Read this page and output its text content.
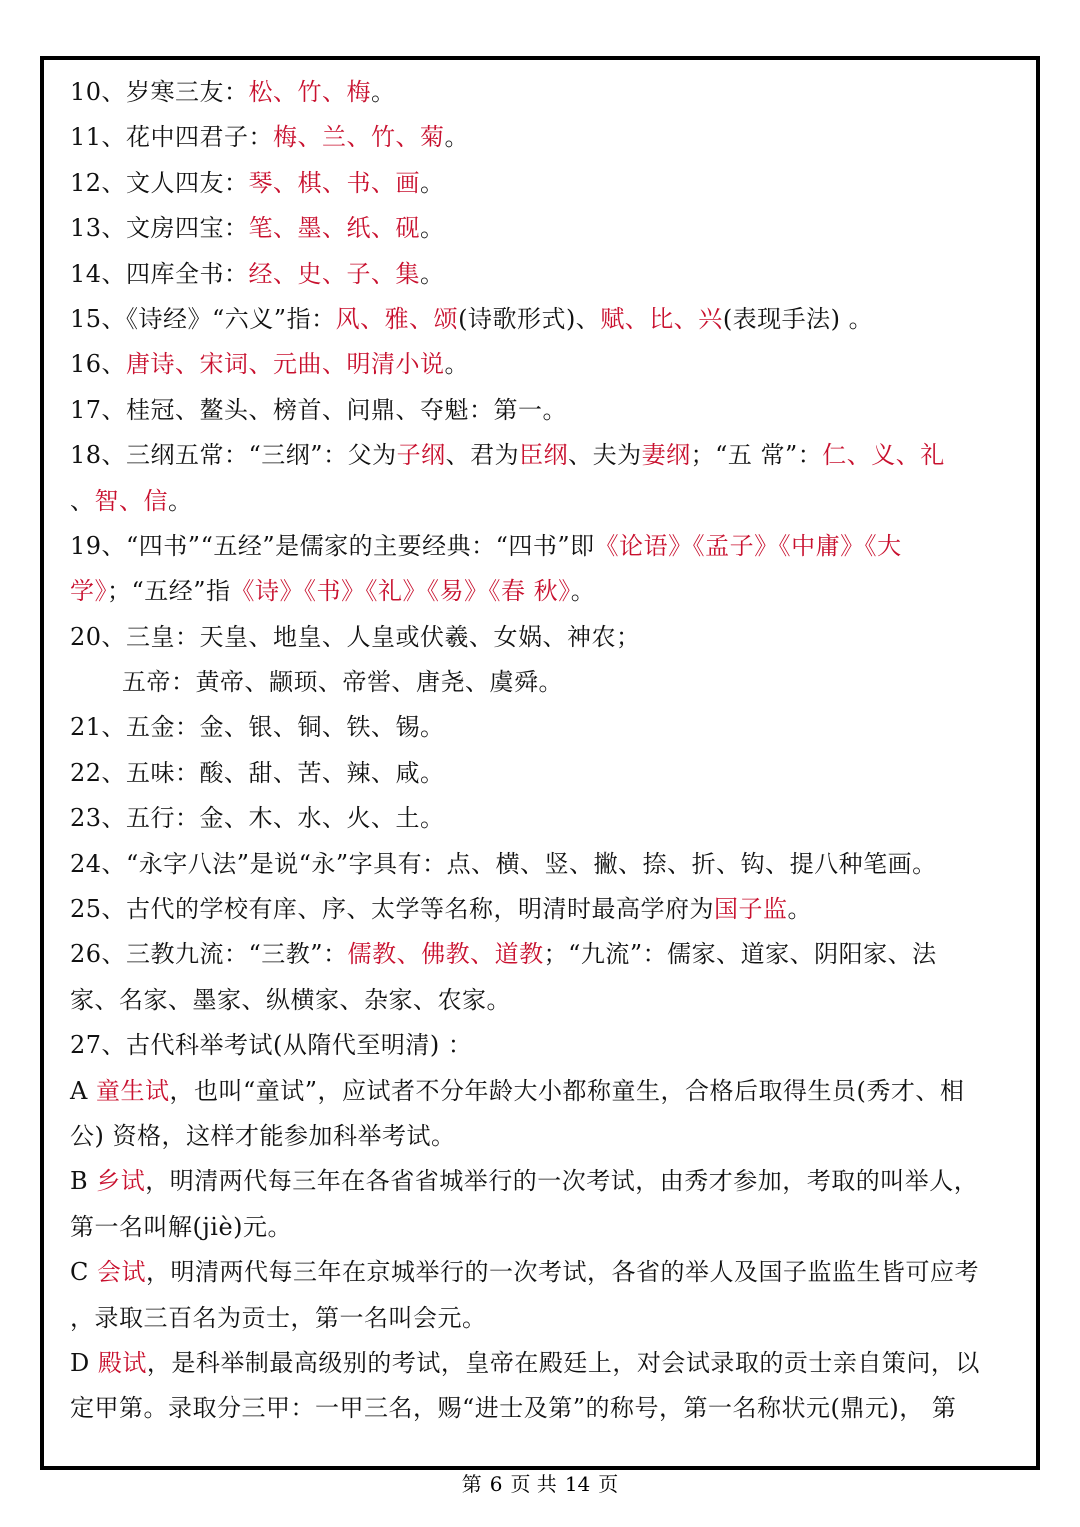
10、岁寒三友：松、竹、梅。
11、花中四君子：梅、兰、竹、菊。
12、文人四友：琴、棋、书、画。
13、文房四宝：笔、墨、纸、砚。
14、四库全书：经、史、子、集。
15、《诗经》“六义”指：风、雅、颂(诗歌形式)、赋、比、兴(表现手法) 。
16、唐诗、宋词、元曲、明清小说。
17、桂冠、鳌头、榜首、问鼎、夺魁：第一。
18、三纲五常：“三纲”：父为子纲、君为臣纲、夫为妻纲；“五 常”：仁、义、礼
、智、信。
19、“四书”“五经”是儒家的主要经典：“四书”即《论语》《孟子》《中庸》《大
学》；“五经”指《诗》《书》《礼》《易》《春 秋》。
20、三皇：天皇、地皇、人皇或伏羲、女娲、神农；
五帝：黄帝、颛顼、帝喾、唐尧、虞舜。
21、五金：金、银、铜、铁、锡。
22、五味：酸、甜、苦、辣、咸。
23、五行：金、木、水、火、土。
24、“永字八法”是说“永”字具有：点、横、竖、撇、捺、折、钩、提八种笔画。
25、古代的学校有庠、序、太学等名称，明清时最高学府为国子监。
26、三教九流：“三教”：儒教、佛教、道教；“九流”：儒家、道家、阴阳家、法
家、名家、墨家、纵横家、杂家、农家。
27、古代科举考试(从隋代至明清) ：
A 童生试，也叫“童试”，应试者不分年龄大小都称童生，合格后取得生员(秀才、相
公) 资格，这样才能参加科举考试。
B 乡试，明清两代每三年在各省省城举行的一次考试，由秀才参加，考取的叫举人，
第一名叫解(jiè)元。
C 会试，明清两代每三年在京城举行的一次考试，各省的举人及国子监监生皆可应考
，录取三百名为贡士，第一名叫会元。
D 殿试，是科举制最高级别的考试，皇帝在殿廷上，对会试录取的贡士亲自策问，以
定甲第。录取分三甲：一甲三名，赐“进士及第”的称号，第一名称状元(鼎元)， 第
第 6 页 共 14 页
